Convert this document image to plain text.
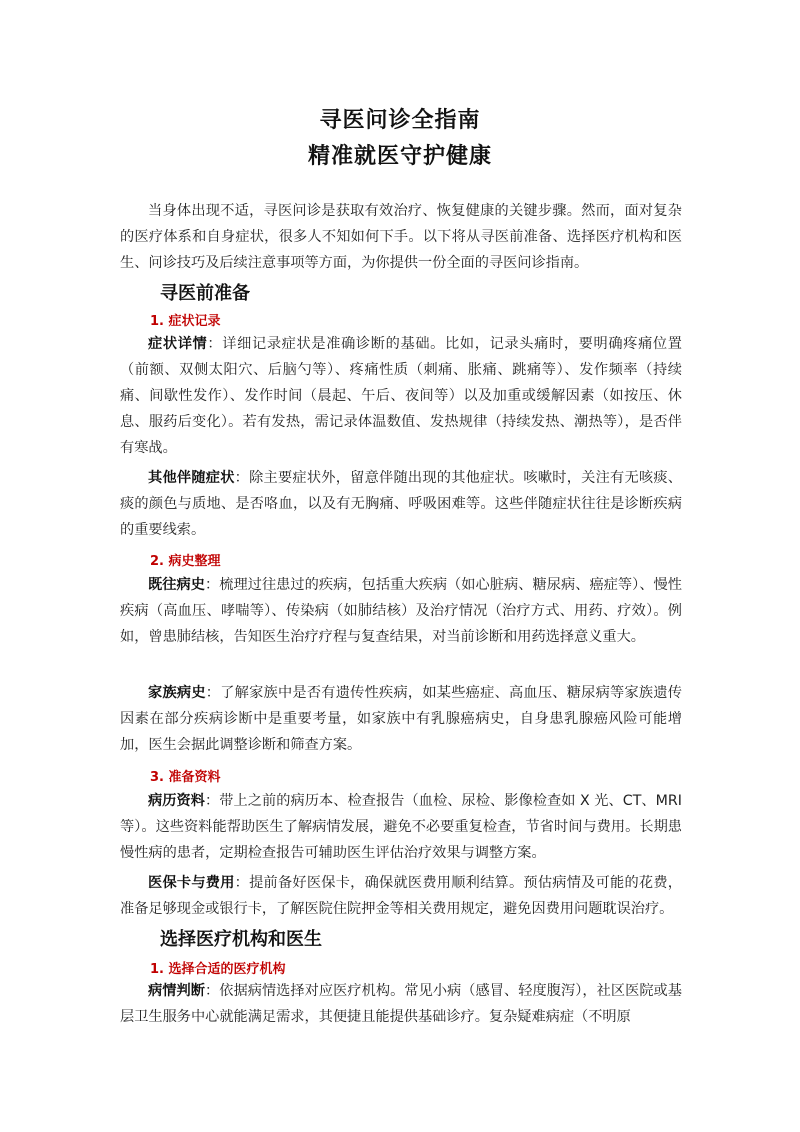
寻医问诊全指南
精准就医守护健康
当身体出现不适，寻医问诊是获取有效治疗、恢复健康的关键步骤。然而，面对复杂的医疗体系和自身症状，很多人不知如何下手。以下将从寻医前准备、选择医疗机构和医生、问诊技巧及后续注意事项等方面，为你提供一份全面的寻医问诊指南。
寻医前准备
1. 症状记录
症状详情：详细记录症状是准确诊断的基础。比如，记录头痛时，要明确疼痛位置（前额、双侧太阳穴、后脑勺等）、疼痛性质（刺痛、胀痛、跳痛等）、发作频率（持续痛、间歇性发作）、发作时间（晨起、午后、夜间等）以及加重或缓解因素（如按压、休息、服药后变化）。若有发热，需记录体温数值、发热规律（持续发热、潮热等），是否伴有寒战。
其他伴随症状：除主要症状外，留意伴随出现的其他症状。咳嗽时，关注有无咳痰、痰的颜色与质地、是否咯血，以及有无胸痛、呼吸困难等。这些伴随症状往往是诊断疾病的重要线索。
2. 病史整理
既往病史：梳理过往患过的疾病，包括重大疾病（如心脏病、糖尿病、癌症等）、慢性疾病（高血压、哮喘等）、传染病（如肺结核）及治疗情况（治疗方式、用药、疗效）。例如，曾患肺结核，告知医生治疗疗程与复查结果，对当前诊断和用药选择意义重大。
家族病史：了解家族中是否有遗传性疾病，如某些癌症、高血压、糖尿病等家族遗传因素在部分疾病诊断中是重要考量，如家族中有乳腺癌病史，自身患乳腺癌风险可能增加，医生会据此调整诊断和筛查方案。
3. 准备资料
病历资料：带上之前的病历本、检查报告（血检、尿检、影像检查如 X 光、CT、MRI 等）。这些资料能帮助医生了解病情发展，避免不必要重复检查，节省时间与费用。长期患慢性病的患者，定期检查报告可辅助医生评估治疗效果与调整方案。
医保卡与费用：提前备好医保卡，确保就医费用顺利结算。预估病情及可能的花费，准备足够现金或银行卡，了解医院住院押金等相关费用规定，避免因费用问题耽误治疗。
选择医疗机构和医生
1. 选择合适的医疗机构
病情判断：依据病情选择对应医疗机构。常见小病（感冒、轻度腹泻），社区医院或基层卫生服务中心就能满足需求，其便捷且能提供基础诊疗。复杂疑难病症（不明原
